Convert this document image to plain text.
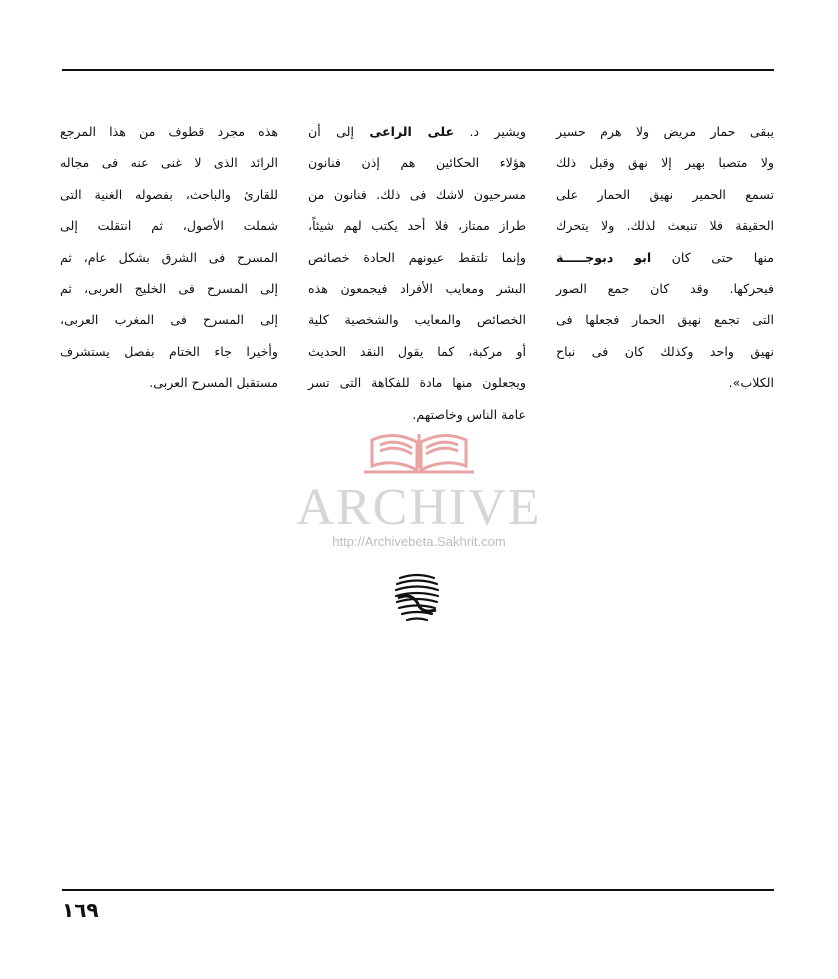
يبقى حمار مريض ولا هرم حسير
ولا متصبا بهير إلا نهق وقبل ذلك
تسمع الحمير نهيق الحمار على
الحقيقة فلا تنبعث لذلك. ولا يتحرك
منها حتى كان ابو دبوجـــــة
فيحركها. وقد كان جمع الصور
التى تجمع نهيق الحمار فجعلها فى
نهيق واحد وكذلك كان فى نباح
الكلاب».
ويشير د. على الراعى إلى أن
هؤلاء الحكائين هم إذن فنانون
مسرحيون لاشك فى ذلك. فنانون من
طراز ممتاز، فلا أحد يكتب لهم شيئاً،
وإنما تلتقط عيونهم الحادة خصائص
البشر ومعايب الأفراد فيجمعون هذه
الخصائص والمعايب والشخصية كلية
أو مركبة، كما يقول النقد الحديث
ويجعلون منها مادة للفكاهة التى تسر
عامة الناس وخاصتهم.
هذه مجرد قطوف من هذا المرجع
الرائد الذى لا غنى عنه فى مجاله
للقارئ والباحث، بفصوله الغنية التى
شملت الأصول، ثم انتقلت إلى
المسرح فى الشرق بشكل عام، ثم
إلى المسرح فى الخليج العربى، ثم
إلى المسرح فى المغرب العربى،
وأخيرا جاء الختام بفصل يستشرف
مستقبل المسرح العربى.
ARCHIVE
http://Archivebeta.Sakhrit.com
١٦٩
